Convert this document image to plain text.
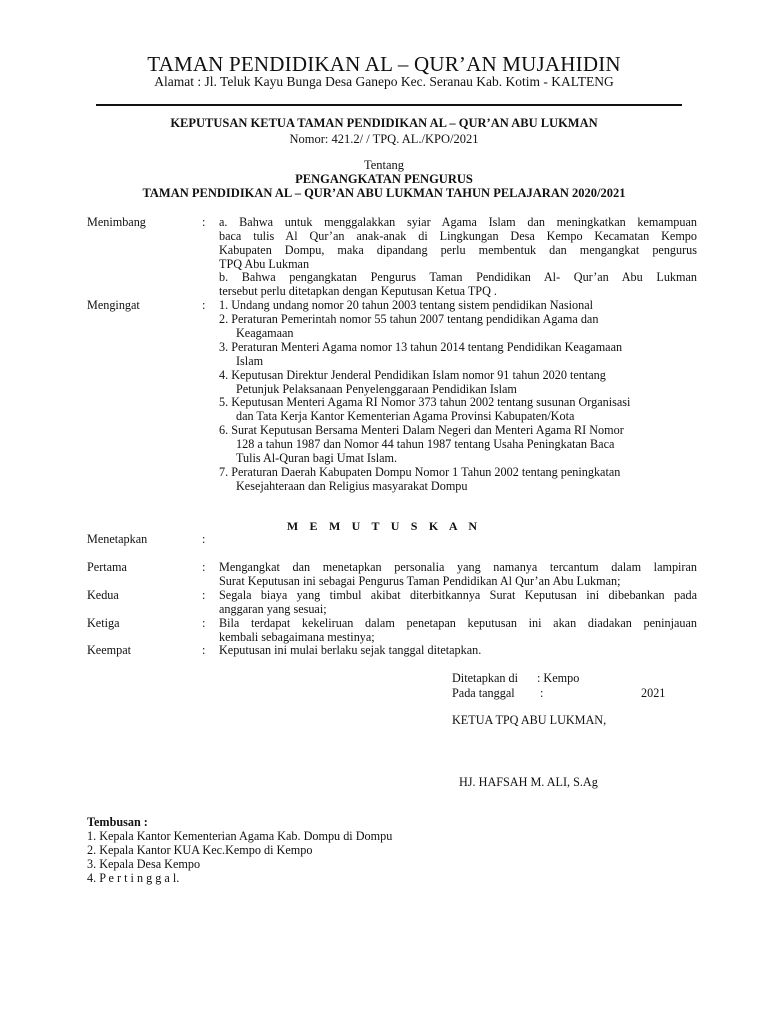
TAMAN PENDIDIKAN AL – QUR’AN MUJAHIDIN
Alamat : Jl. Teluk Kayu Bunga Desa Ganepo Kec. Seranau Kab. Kotim - KALTENG
KEPUTUSAN KETUA TAMAN PENDIDIKAN AL – QUR’AN ABU LUKMAN
Nomor: 421.2/ / TPQ. AL./KPO/2021
Tentang
PENGANGKATAN PENGURUS
TAMAN PENDIDIKAN AL – QUR’AN ABU LUKMAN TAHUN PELAJARAN 2020/2021
Menimbang	: a. Bahwa untuk menggalakkan syiar Agama Islam dan meningkatkan kemampuan
baca tulis Al Qur’an anak-anak di Lingkungan Desa Kempo Kecamatan Kempo
Kabupaten Dompu, maka dipandang perlu membentuk dan mengangkat pengurus
TPQ Abu Lukman
b. Bahwa pengangkatan Pengurus Taman Pendidikan Al- Qur’an Abu Lukman
tersebut perlu ditetapkan dengan Keputusan Ketua TPQ .
Mengingat	: 1. Undang undang nomor 20 tahun 2003 tentang sistem pendidikan Nasional
2. Peraturan Pemerintah nomor 55 tahun 2007 tentang pendidikan Agama dan
Keagamaan
3. Peraturan Menteri Agama nomor 13 tahun 2014 tentang Pendidikan Keagamaan
Islam
4. Keputusan Direktur Jenderal Pendidikan Islam nomor 91 tahun 2020 tentang
Petunjuk Pelaksanaan Penyelenggaraan Pendidikan Islam
5. Keputusan Menteri Agama RI Nomor 373 tahun 2002 tentang susunan Organisasi
dan Tata Kerja Kantor Kementerian Agama Provinsi Kabupaten/Kota
6. Surat Keputusan Bersama Menteri Dalam Negeri dan Menteri Agama RI Nomor
128 a tahun 1987 dan Nomor 44 tahun 1987 tentang Usaha Peningkatan Baca
Tulis Al-Quran bagi Umat Islam.
7. Peraturan Daerah Kabupaten Dompu Nomor 1 Tahun 2002 tentang peningkatan
Kesejahteraan dan Religius masyarakat Dompu
M E M U T U S K A N
Menetapkan	:
Pertama	: Mengangkat dan menetapkan personalia yang namanya tercantum dalam lampiran
Surat Keputusan ini sebagai Pengurus Taman Pendidikan Al Qur’an Abu Lukman;
Kedua	: Segala biaya yang timbul akibat diterbitkannya Surat Keputusan ini dibebankan pada
anggaran yang sesuai;
Ketiga	: Bila terdapat kekeliruan dalam penetapan keputusan ini akan diadakan peninjauan
kembali sebagaimana mestinya;
Keempat	: Keputusan ini mulai berlaku sejak tanggal ditetapkan.
Ditetapkan di : Kempo
Pada tanggal :	2021
KETUA TPQ ABU LUKMAN,
HJ. HAFSAH M. ALI, S.Ag
Tembusan :
1. Kepala Kantor Kementerian Agama Kab. Dompu di Dompu
2. Kepala Kantor KUA Kec.Kempo di Kempo
3. Kepala Desa Kempo
4. P e r t i n g g a l.
